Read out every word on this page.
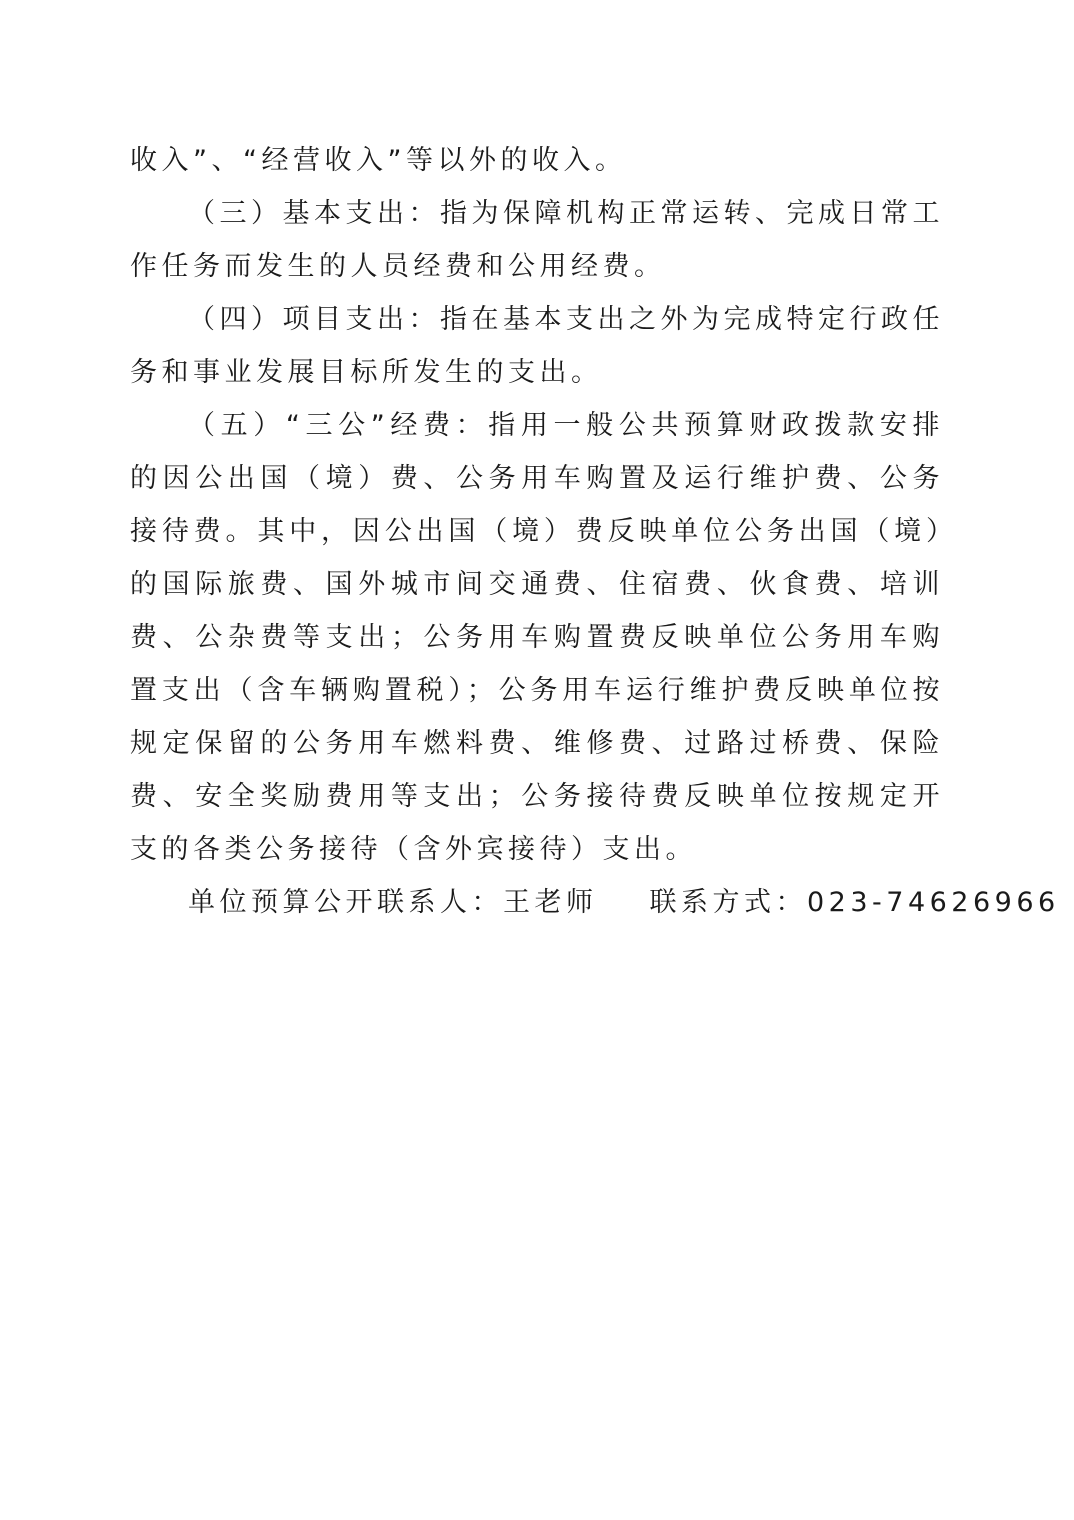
收入”、“经营收入”等以外的收入。

（三）基本支出：指为保障机构正常运转、完成日常工作任务而发生的人员经费和公用经费。

（四）项目支出：指在基本支出之外为完成特定行政任务和事业发展目标所发生的支出。

（五）“三公”经费：指用一般公共预算财政拨款安排的因公出国（境）费、公务用车购置及运行维护费、公务接待费。其中，因公出国（境）费反映单位公务出国（境）的国际旅费、国外城市间交通费、住宿费、伙食费、培训费、公杂费等支出；公务用车购置费反映单位公务用车购置支出（含车辆购置税）；公务用车运行维护费反映单位按规定保留的公务用车燃料费、维修费、过路过桥费、保险费、安全奖励费用等支出；公务接待费反映单位按规定开支的各类公务接待（含外宾接待）支出。

单位预算公开联系人：王老师 联系方式：023-74626966
